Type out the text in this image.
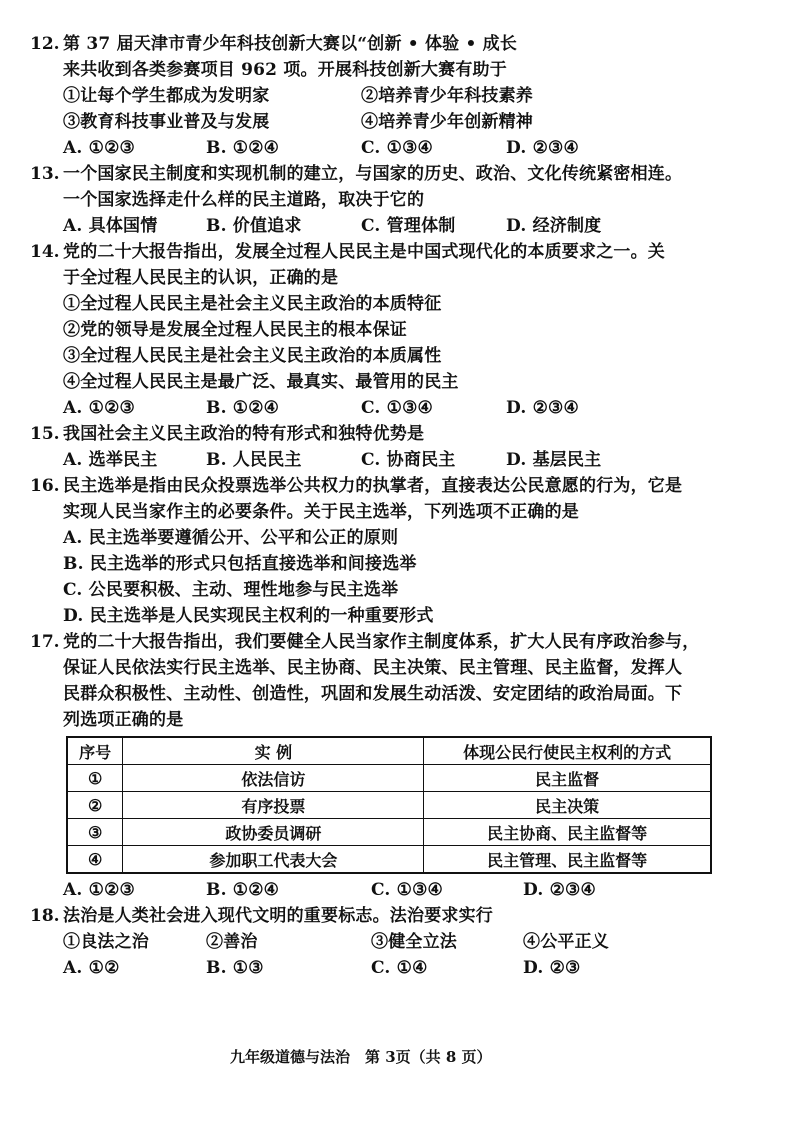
12. 第 37 届天津市青少年科技创新大赛以“创新 • 体验 • 成长
来共收到各类参赛项目 962 项。开展科技创新大赛有助于
①让每个学生都成为发明家	②培养青少年科技素养
③教育科技事业普及与发展	④培养青少年创新精神
A. ①②③	B. ①②④	C. ①③④	D. ②③④
13. 一个国家民主制度和实现机制的建立，与国家的历史、政治、文化传统紧密相连。
一个国家选择走什么样的民主道路，取决于它的
A. 具体国情	B. 价值追求	C. 管理体制	D. 经济制度
14. 党的二十大报告指出，发展全过程人民民主是中国式现代化的本质要求之一。关
于全过程人民民主的认识，正确的是
①全过程人民民主是社会主义民主政治的本质特征
②党的领导是发展全过程人民民主的根本保证
③全过程人民民主是社会主义民主政治的本质属性
④全过程人民民主是最广泛、最真实、最管用的民主
A. ①②③	B. ①②④	C. ①③④	D. ②③④
15. 我国社会主义民主政治的特有形式和独特优势是
A. 选举民主	B. 人民民主	C. 协商民主	D. 基层民主
16. 民主选举是指由民众投票选举公共权力的执掌者，直接表达公民意愿的行为，它是
实现人民当家作主的必要条件。关于民主选举，下列选项不正确的是
A. 民主选举要遵循公开、公平和公正的原则
B. 民主选举的形式只包括直接选举和间接选举
C. 公民要积极、主动、理性地参与民主选举
D. 民主选举是人民实现民主权利的一种重要形式
17. 党的二十大报告指出，我们要健全人民当家作主制度体系，扩大人民有序政治参与，
保证人民依法实行民主选举、民主协商、民主决策、民主管理、民主监督，发挥人
民群众积极性、主动性、创造性，巩固和发展生动活泼、安定团结的政治局面。下
列选项正确的是
序号	实 例	体现公民行使民主权利的方式
①	依法信访	民主监督
②	有序投票	民主决策
③	政协委员调研	民主协商、民主监督等
④	参加职工代表大会	民主管理、民主监督等
A. ①②③	B. ①②④	C. ①③④	D. ②③④
18. 法治是人类社会进入现代文明的重要标志。法治要求实行
①良法之治	②善治	③健全立法	④公平正义
A. ①②	B. ①③	C. ①④	D. ②③
九年级道德与法治　第 3页（共 8 页）
